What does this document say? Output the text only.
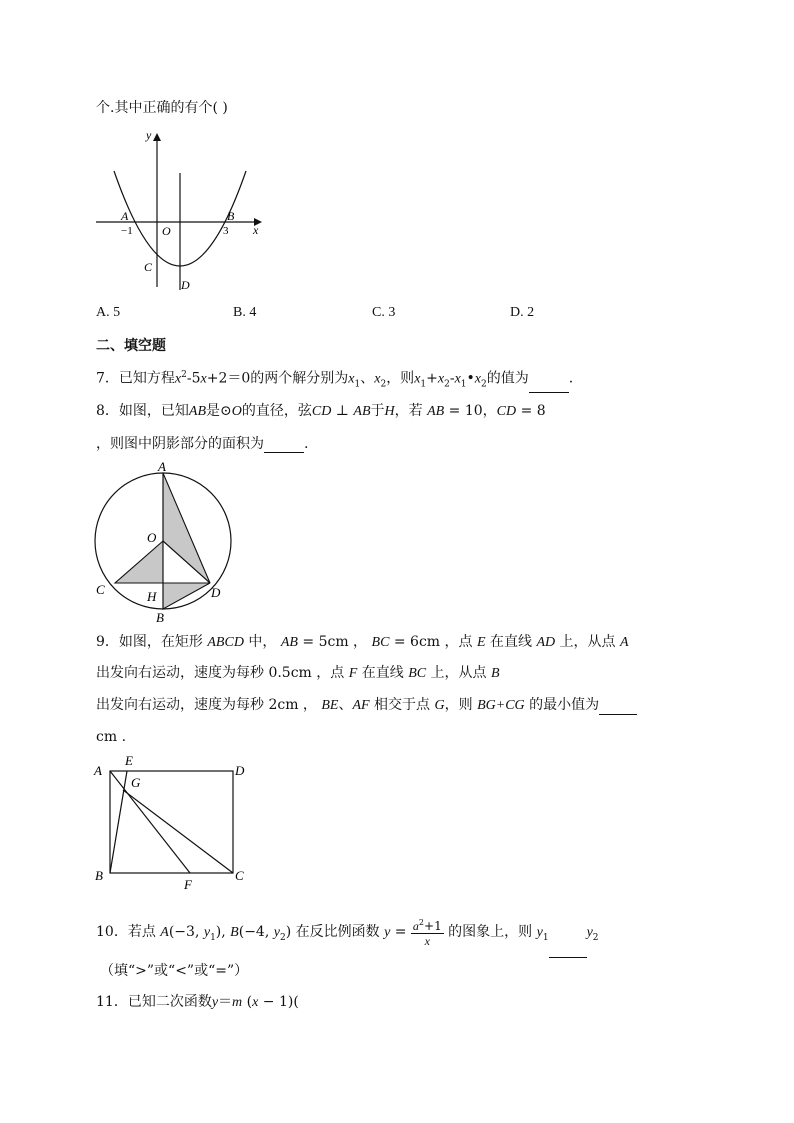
个.其中正确的有个( )
y
x
A	B
−1	3
O
C
D
A. 5	B. 4	C. 3	D. 2
二、填空题
7．已知方程$x^2-5x+2=0$的两个解分别为$x_1$、$x_2$，则$x_1+x_2-x_1•x_2$的值为	.
8．如图，已知AB是⊙O的直径，弦CD ⊥ AB于H，若 AB = 10，CD = 8
，则图中阴影部分的面积为	.
A
O
C	H	D
B
9．如图，在矩形 ABCD 中， AB = 5cm ， BC = 6cm ，点 E 在直线 AD 上，从点 A
出发向右运动，速度为每秒 0.5cm ，点 F 在直线 BC 上，从点 B
出发向右运动，速度为每秒 2cm ， BE、AF 相交于点 G，则 BG+CG 的最小值为
cm .
A
E
G
D
B
F
C
10．若点 A(−3, $y_1$), B(−4, $y_2$) 在反比例函数 $y = \frac{a^2+1}{x}$ 的图象上，则 $y_1$	$y_2$
（填“>”或“<”或“=”）
11．已知二次函数y＝m (x − 1)(
